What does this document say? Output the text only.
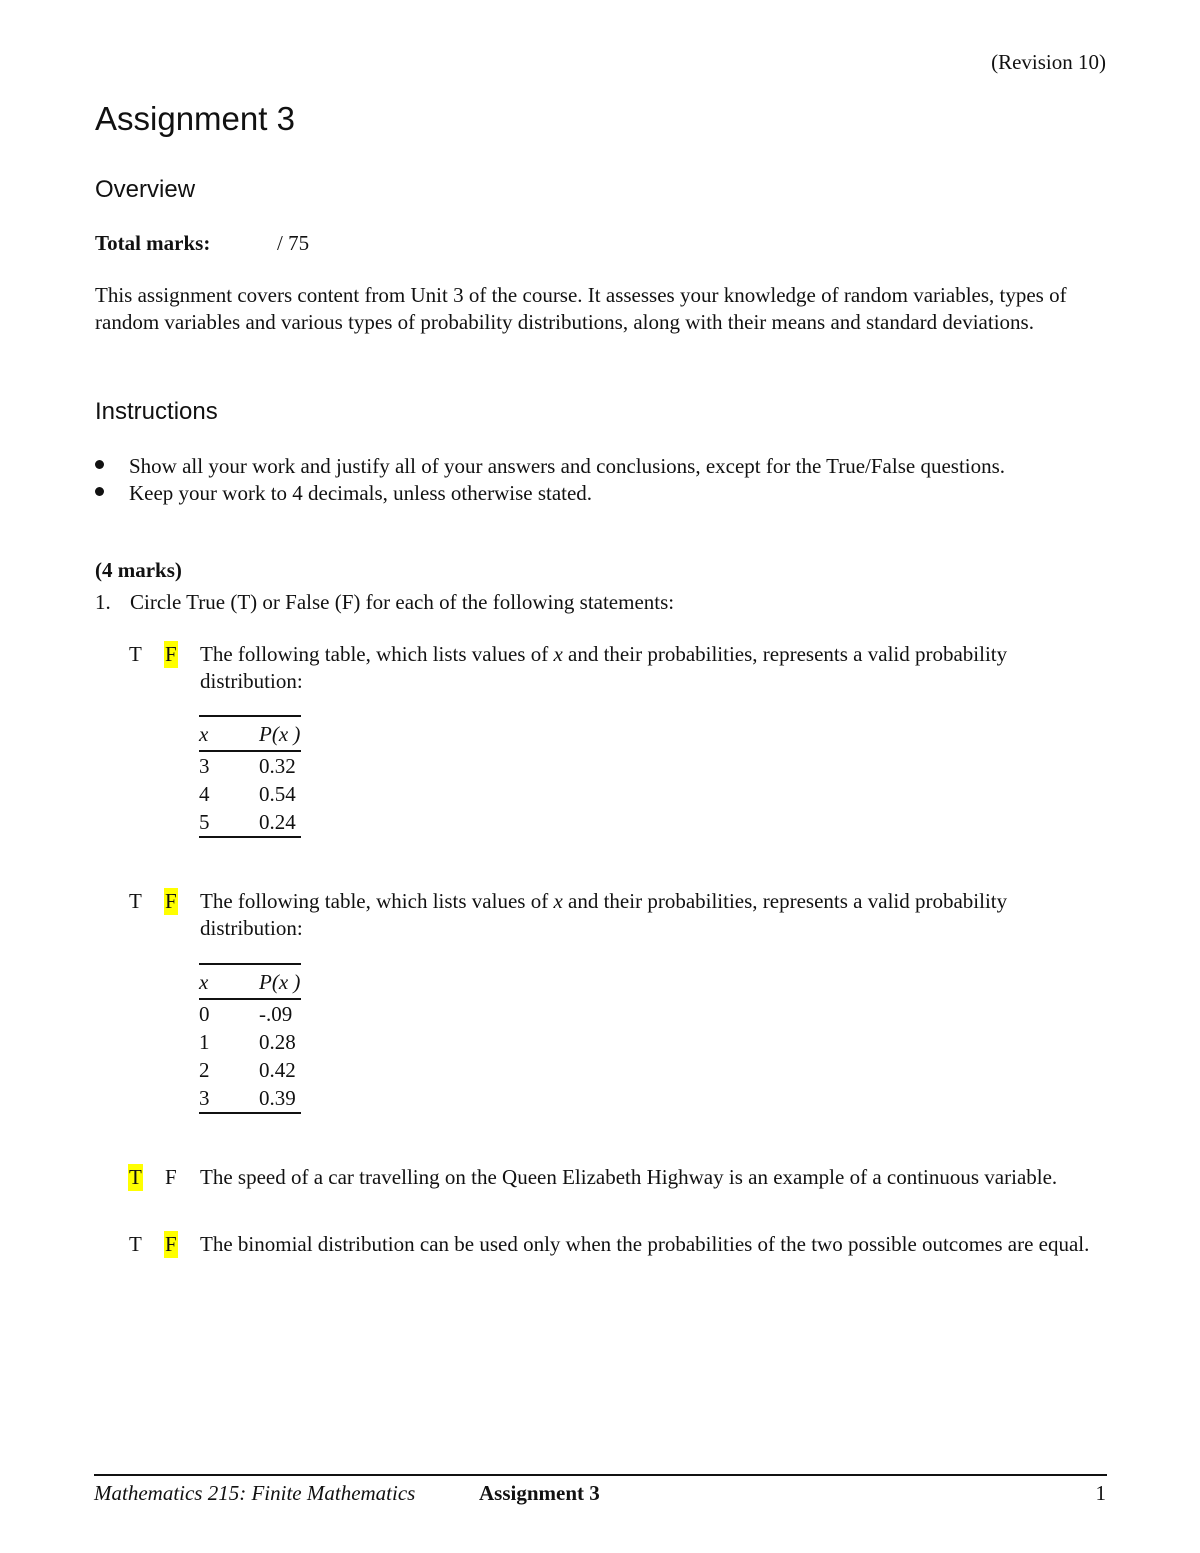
(Revision 10)
Assignment 3
Overview
Total marks:	/ 75
This assignment covers content from Unit 3 of the course. It assesses your knowledge of random variables, types of random variables and various types of probability distributions, along with their means and standard deviations.
Instructions
Show all your work and justify all of your answers and conclusions, except for the True/False questions.
Keep your work to 4 decimals, unless otherwise stated.
(4 marks)
1. Circle True (T) or False (F) for each of the following statements:
T F The following table, which lists values of x and their probabilities, represents a valid probability distribution:
x	P(x )
3	0.32
4	0.54
5	0.24
T F The following table, which lists values of x and their probabilities, represents a valid probability distribution:
x	P(x )
0	-.09
1	0.28
2	0.42
3	0.39
T F The speed of a car travelling on the Queen Elizabeth Highway is an example of a continuous variable.
T F The binomial distribution can be used only when the probabilities of the two possible outcomes are equal.
Mathematics 215: Finite Mathematics	Assignment 3	1
